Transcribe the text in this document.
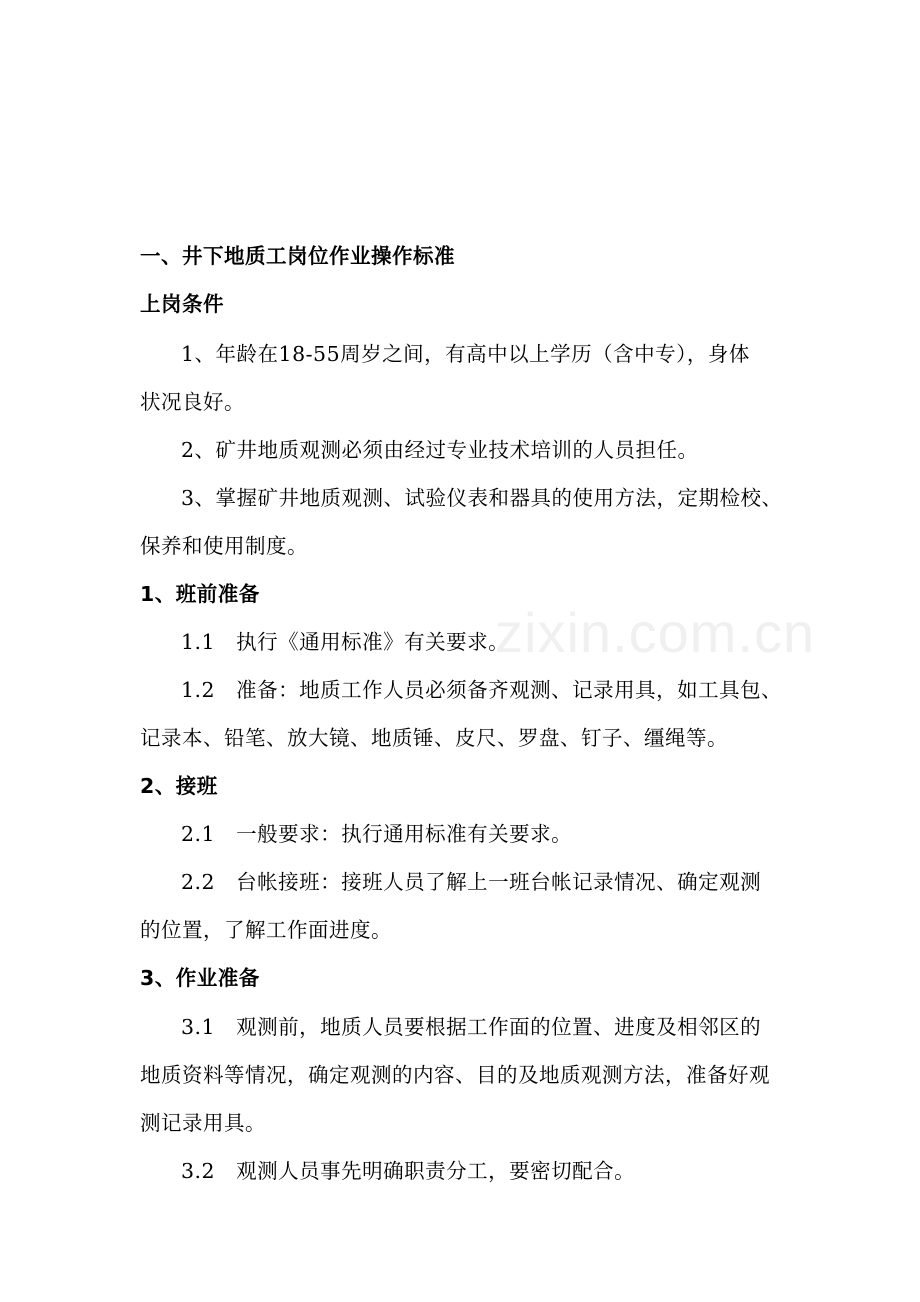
zixin.com.cn
一、井下地质工岗位作业操作标准
上岗条件
1、年龄在18-55周岁之间，有高中以上学历（含中专），身体
状况良好。
2、矿井地质观测必须由经过专业技术培训的人员担任。
3、掌握矿井地质观测、试验仪表和器具的使用方法，定期检校、
保养和使用制度。
1、班前准备
1.1　执行《通用标准》有关要求。
1.2　准备：地质工作人员必须备齐观测、记录用具，如工具包、
记录本、铅笔、放大镜、地质锤、皮尺、罗盘、钉子、缰绳等。
2、接班
2.1　一般要求：执行通用标准有关要求。
2.2　台帐接班：接班人员了解上一班台帐记录情况、确定观测
的位置，了解工作面进度。
3、作业准备
3.1　观测前，地质人员要根据工作面的位置、进度及相邻区的
地质资料等情况，确定观测的内容、目的及地质观测方法，准备好观
测记录用具。
3.2　观测人员事先明确职责分工，要密切配合。
